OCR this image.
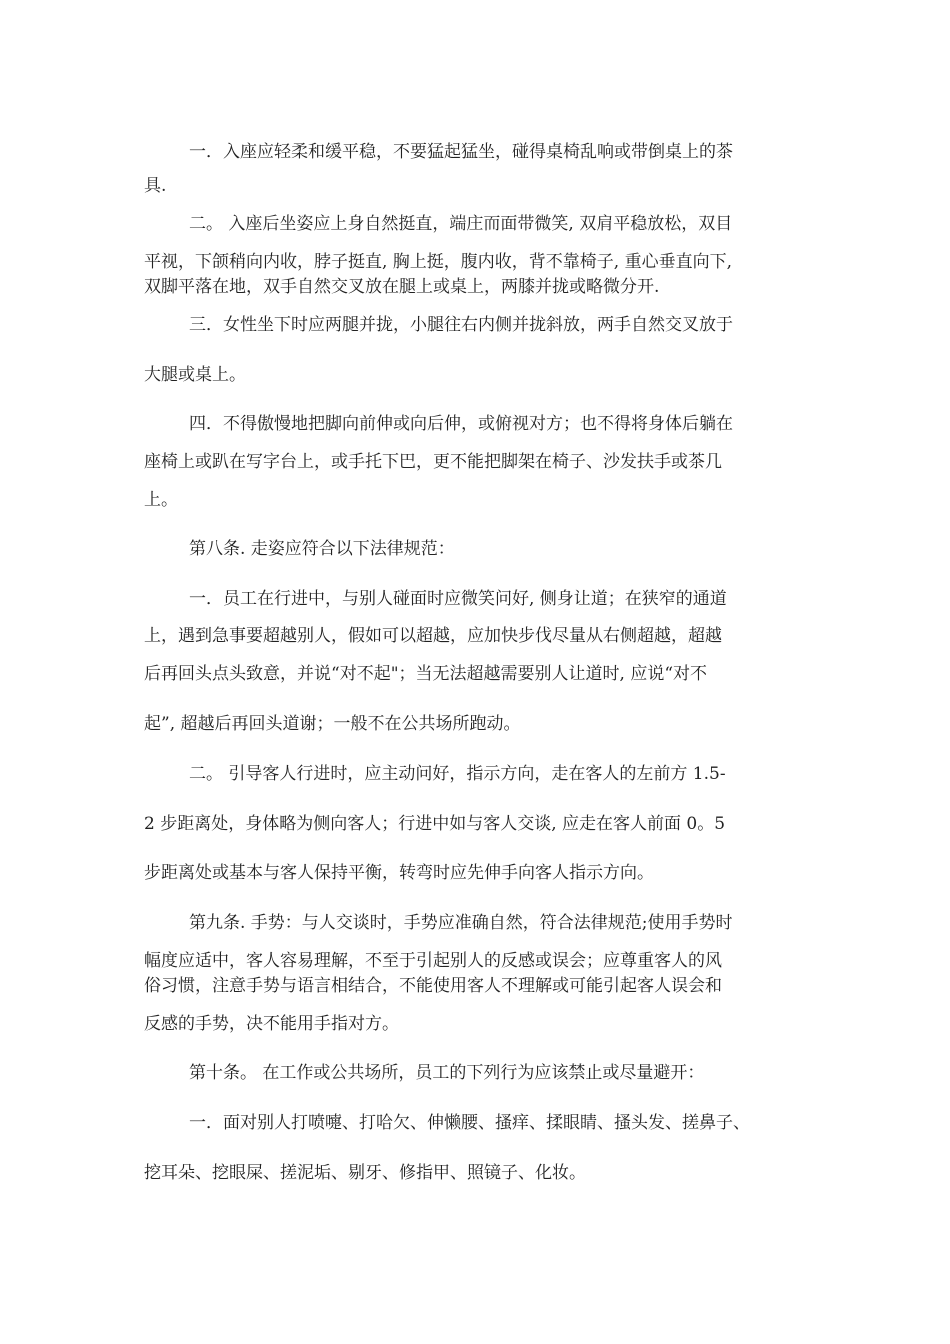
一．入座应轻柔和缓平稳，不要猛起猛坐，碰得桌椅乱响或带倒桌上的茶
具.
二。 入座后坐姿应上身自然挺直，端庄而面带微笑, 双肩平稳放松，双目
平视，下颌稍向内收，脖子挺直, 胸上挺，腹内收，背不靠椅子, 重心垂直向下,
双脚平落在地，双手自然交叉放在腿上或桌上，两膝并拢或略微分开.
三．女性坐下时应两腿并拢，小腿往右内侧并拢斜放，两手自然交叉放于
大腿或桌上。
四．不得傲慢地把脚向前伸或向后伸，或俯视对方；也不得将身体后躺在
座椅上或趴在写字台上，或手托下巴，更不能把脚架在椅子、沙发扶手或茶几
上。
第八条. 走姿应符合以下法律规范：
一．员工在行进中，与别人碰面时应微笑问好, 侧身让道；在狭窄的通道
上，遇到急事要超越别人，假如可以超越，应加快步伐尽量从右侧超越，超越
后再回头点头致意，并说“对不起"；当无法超越需要别人让道时, 应说“对不
起”, 超越后再回头道谢；一般不在公共场所跑动。
二。 引导客人行进时，应主动问好，指示方向，走在客人的左前方 1.5-
2 步距离处，身体略为侧向客人；行进中如与客人交谈, 应走在客人前面 0。5
步距离处或基本与客人保持平衡，转弯时应先伸手向客人指示方向。
第九条. 手势：与人交谈时，手势应准确自然，符合法律规范;使用手势时
幅度应适中，客人容易理解，不至于引起别人的反感或误会；应尊重客人的风
俗习惯，注意手势与语言相结合，不能使用客人不理解或可能引起客人误会和
反感的手势，决不能用手指对方。
第十条。 在工作或公共场所，员工的下列行为应该禁止或尽量避开：
一．面对别人打喷嚏、打哈欠、伸懒腰、搔痒、揉眼睛、搔头发、搓鼻子、
挖耳朵、挖眼屎、搓泥垢、剔牙、修指甲、照镜子、化妆。
